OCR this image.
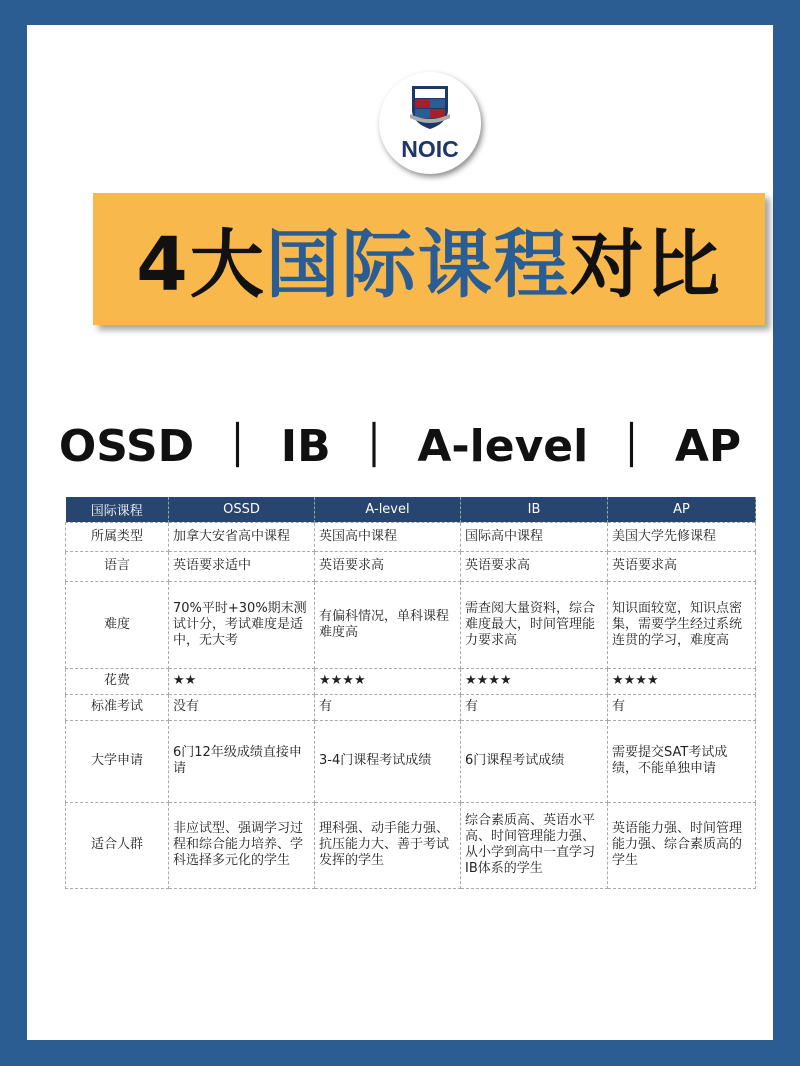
NOIC
4大 国际课程 对比
OSSD ｜ IB ｜ A-level ｜ AP
国际课程	OSSD	A-level	IB	AP
所属类型	加拿大安省高中课程	英国高中课程	国际高中课程	美国大学先修课程
语言	英语要求适中	英语要求高	英语要求高	英语要求高
难度	70%平时+30%期末测试计分，考试难度是适中，无大考	有偏科情况，单科课程难度高	需查阅大量资料，综合难度最大，时间管理能力要求高	知识面较宽，知识点密集，需要学生经过系统连贯的学习，难度高
花费	★★	★★★★	★★★★	★★★★
标准考试	没有	有	有	有
大学申请	6门12年级成绩直接申请	3-4门课程考试成绩	6门课程考试成绩	需要提交SAT考试成绩，不能单独申请
适合人群	非应试型、强调学习过程和综合能力培养、学科选择多元化的学生	理科强、动手能力强、抗压能力大、善于考试发挥的学生	综合素质高、英语水平高、时间管理能力强、从小学到高中一直学习IB体系的学生	英语能力强、时间管理能力强、综合素质高的学生
